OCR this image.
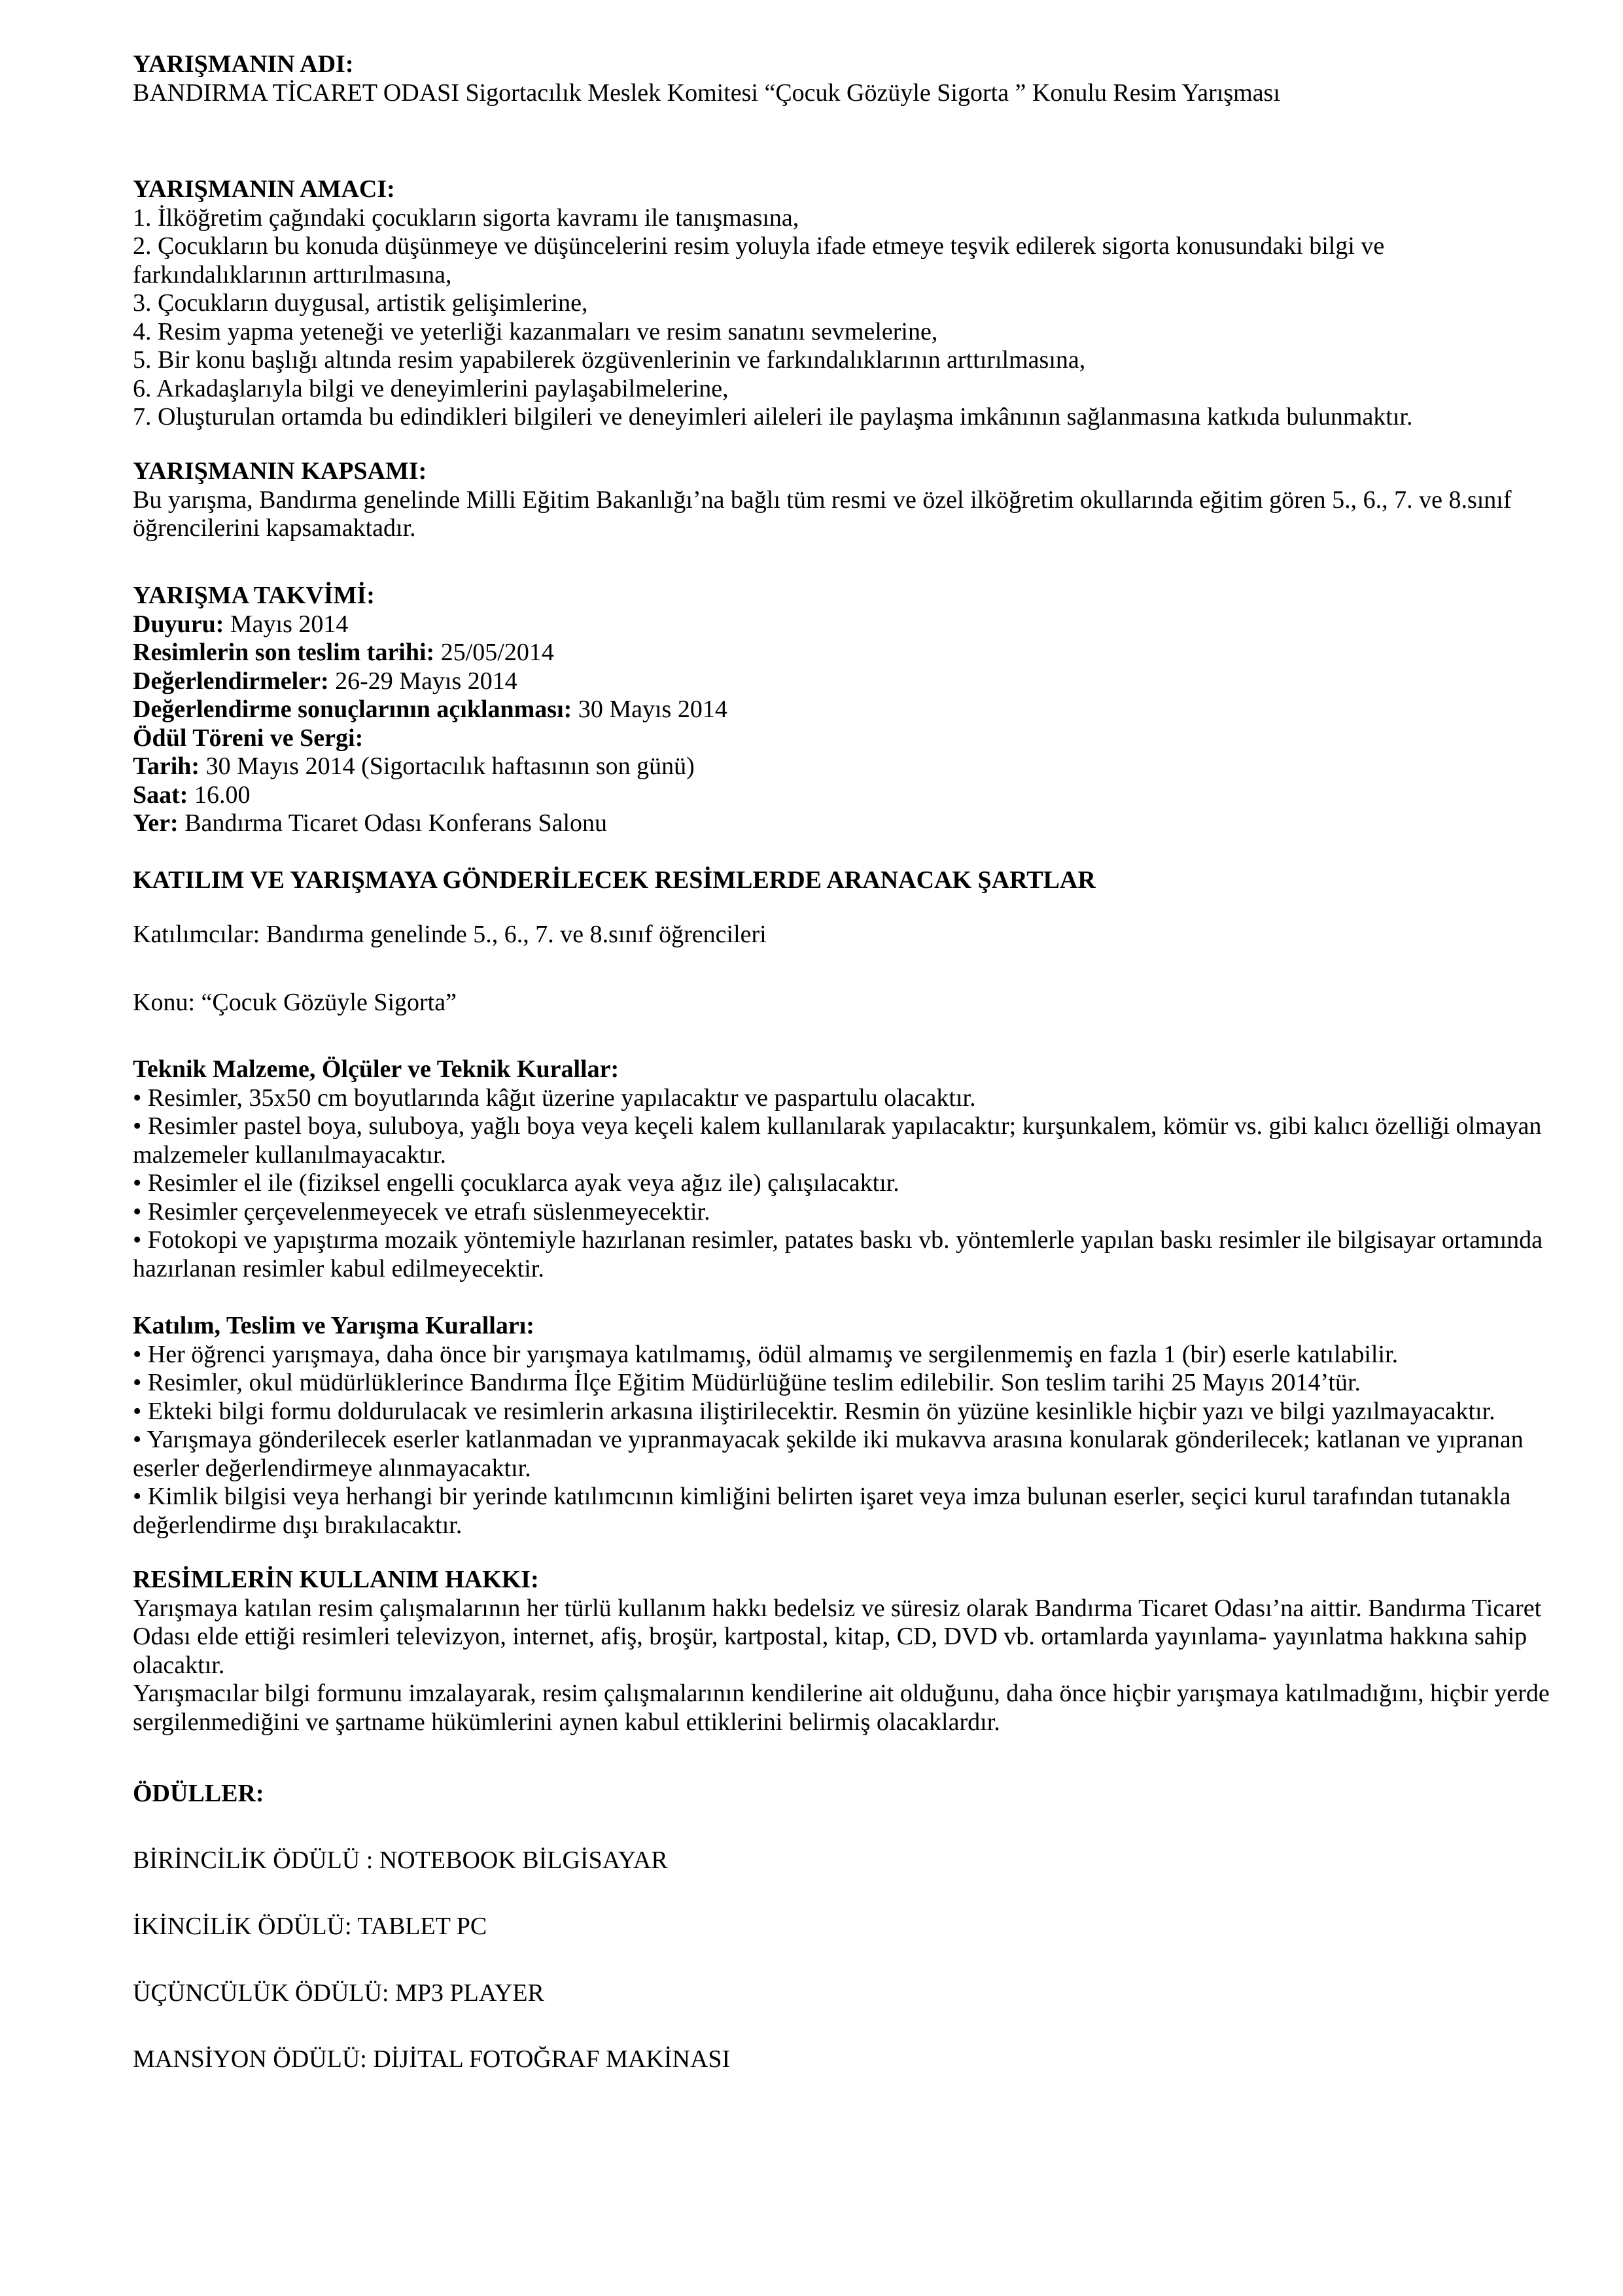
YARIŞMANIN ADI:
BANDIRMA TİCARET ODASI Sigortacılık Meslek Komitesi “Çocuk Gözüyle Sigorta ” Konulu Resim Yarışması
YARIŞMANIN AMACI:
1. İlköğretim çağındaki çocukların sigorta kavramı ile tanışmasına,
2. Çocukların bu konuda düşünmeye ve düşüncelerini resim yoluyla ifade etmeye teşvik edilerek sigorta konusundaki bilgi ve farkındalıklarının arttırılmasına,
3. Çocukların duygusal, artistik gelişimlerine,
4. Resim yapma yeteneği ve yeterliği kazanmaları ve resim sanatını sevmelerine,
5. Bir konu başlığı altında resim yapabilerek özgüvenlerinin ve farkındalıklarının arttırılmasına,
6. Arkadaşlarıyla bilgi ve deneyimlerini paylaşabilmelerine,
7. Oluşturulan ortamda bu edindikleri bilgileri ve deneyimleri aileleri ile paylaşma imkânının sağlanmasına katkıda bulunmaktır.
YARIŞMANIN KAPSAMI:
Bu yarışma, Bandırma genelinde Milli Eğitim Bakanlığı’na bağlı tüm resmi ve özel ilköğretim okullarında eğitim gören 5., 6., 7. ve 8.sınıf öğrencilerini kapsamaktadır.
YARIŞMA TAKVİMİ:
Duyuru: Mayıs 2014
Resimlerin son teslim tarihi: 25/05/2014
Değerlendirmeler: 26-29 Mayıs 2014
Değerlendirme sonuçlarının açıklanması: 30 Mayıs 2014
Ödül Töreni ve Sergi:
Tarih: 30 Mayıs 2014 (Sigortacılık haftasının son günü)
Saat: 16.00
Yer: Bandırma Ticaret Odası Konferans Salonu
KATILIM VE YARIŞMAYA GÖNDERİLECEK RESİMLERDE ARANACAK ŞARTLAR
Katılımcılar: Bandırma genelinde 5., 6., 7. ve 8.sınıf öğrencileri
Konu: “Çocuk Gözüyle Sigorta”
Teknik Malzeme, Ölçüler ve Teknik Kurallar:
• Resimler, 35x50 cm boyutlarında kâğıt üzerine yapılacaktır ve paspartulu olacaktır.
• Resimler pastel boya, suluboya, yağlı boya veya keçeli kalem kullanılarak yapılacaktır; kurşunkalem, kömür vs. gibi kalıcı özelliği olmayan malzemeler kullanılmayacaktır.
• Resimler el ile (fiziksel engelli çocuklarca ayak veya ağız ile) çalışılacaktır.
• Resimler çerçevelenmeyecek ve etrafı süslenmeyecektir.
• Fotokopi ve yapıştırma mozaik yöntemiyle hazırlanan resimler, patates baskı vb. yöntemlerle yapılan baskı resimler ile bilgisayar ortamında hazırlanan resimler kabul edilmeyecektir.
Katılım, Teslim ve Yarışma Kuralları:
• Her öğrenci yarışmaya, daha önce bir yarışmaya katılmamış, ödül almamış ve sergilenmemiş en fazla 1 (bir) eserle katılabilir.
• Resimler, okul müdürlüklerince Bandırma İlçe Eğitim Müdürlüğüne teslim edilebilir. Son teslim tarihi 25 Mayıs 2014’tür.
• Ekteki bilgi formu doldurulacak ve resimlerin arkasına iliştirilecektir. Resmin ön yüzüne kesinlikle hiçbir yazı ve bilgi yazılmayacaktır.
• Yarışmaya gönderilecek eserler katlanmadan ve yıpranmayacak şekilde iki mukavva arasına konularak gönderilecek; katlanan ve yıpranan eserler değerlendirmeye alınmayacaktır.
• Kimlik bilgisi veya herhangi bir yerinde katılımcının kimliğini belirten işaret veya imza bulunan eserler, seçici kurul tarafından tutanakla değerlendirme dışı bırakılacaktır.
RESİMLERİN KULLANIM HAKKI:
Yarışmaya katılan resim çalışmalarının her türlü kullanım hakkı bedelsiz ve süresiz olarak Bandırma Ticaret Odası’na aittir. Bandırma Ticaret Odası elde ettiği resimleri televizyon, internet, afiş, broşür, kartpostal, kitap, CD, DVD vb. ortamlarda yayınlama- yayınlatma hakkına sahip olacaktır.
Yarışmacılar bilgi formunu imzalayarak, resim çalışmalarının kendilerine ait olduğunu, daha önce hiçbir yarışmaya katılmadığını, hiçbir yerde sergilenmediğini ve şartname hükümlerini aynen kabul ettiklerini belirmiş olacaklardır.
ÖDÜLLER:
BİRİNCİLİK ÖDÜLÜ : NOTEBOOK BİLGİSAYAR
İKİNCİLİK ÖDÜLÜ: TABLET PC
ÜÇÜNCÜLÜK ÖDÜLÜ: MP3 PLAYER
MANSİYON ÖDÜLÜ: DİJİTAL FOTOĞRAF MAKİNASI
